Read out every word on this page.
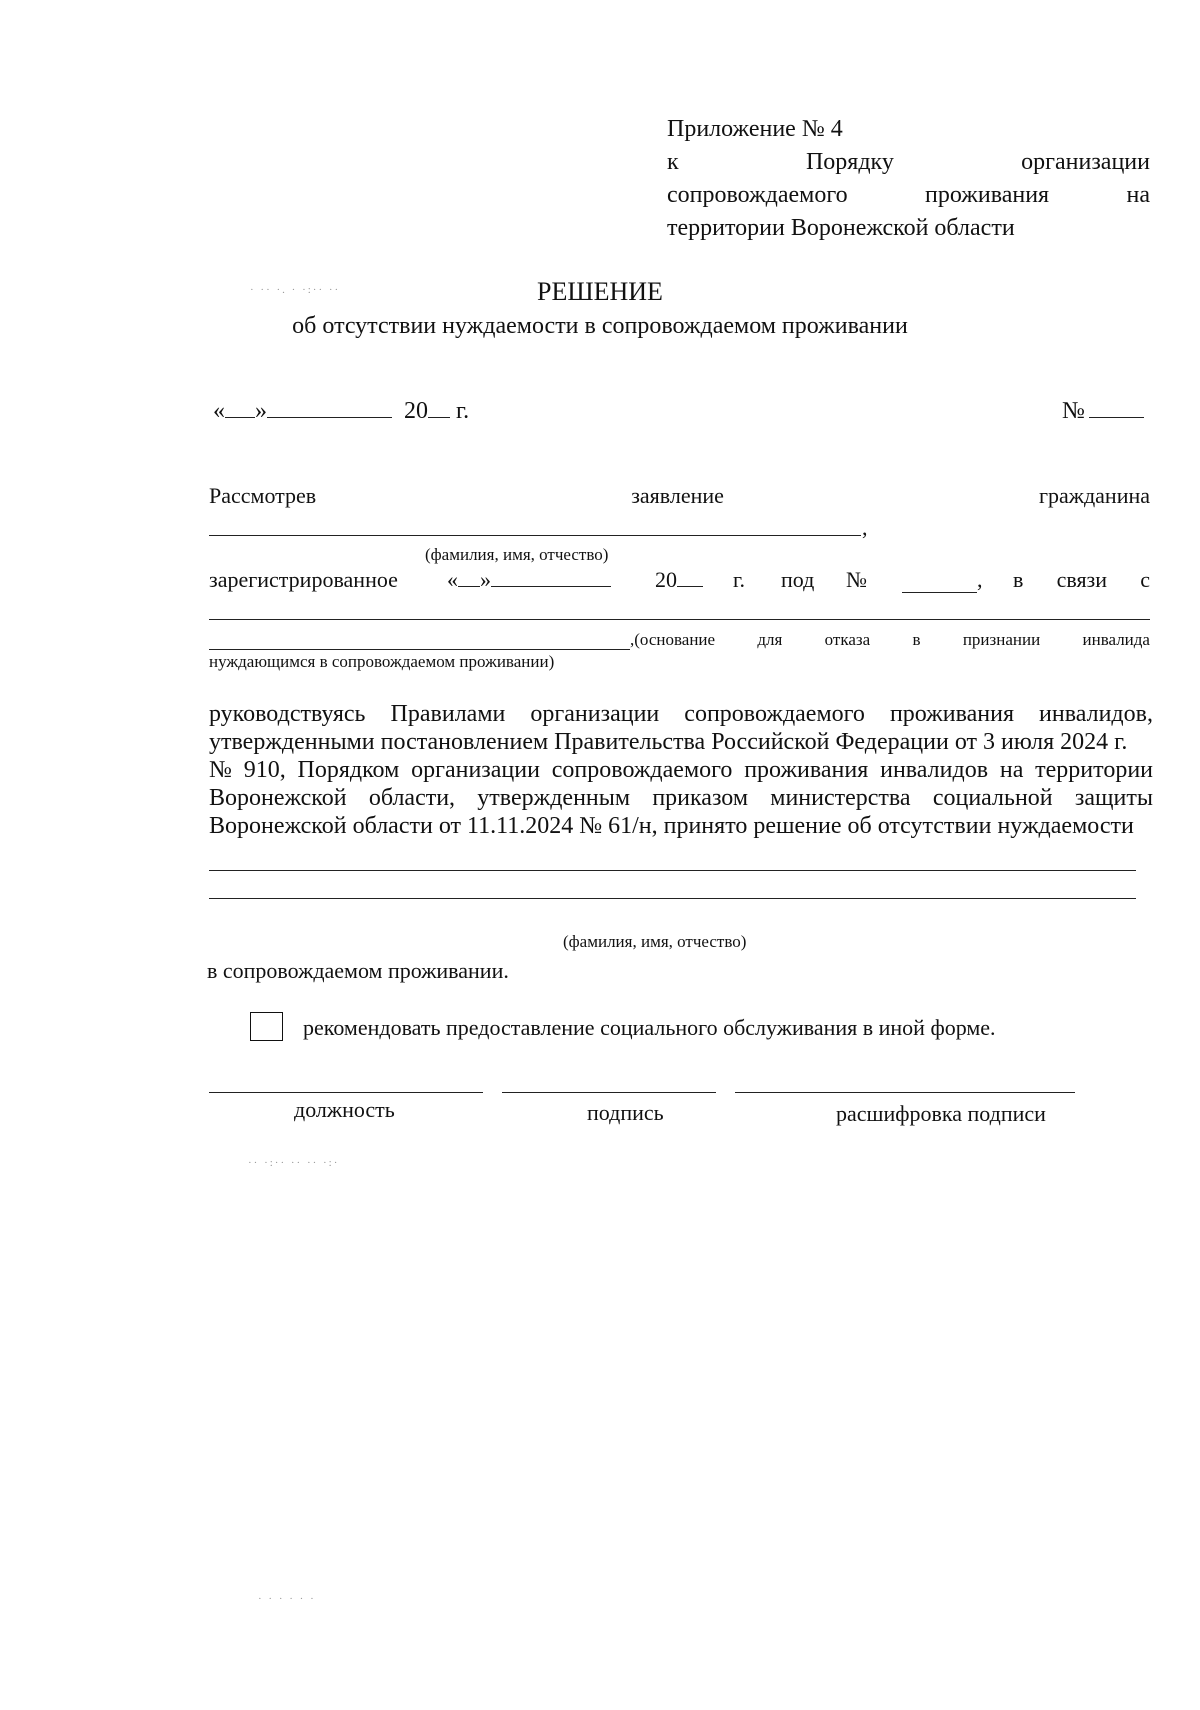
Приложение № 4
к	Порядку	организации
сопровождаемого	проживания	на
территории Воронежской области
· ·· ·. · ·:·· ··	РЕШЕНИЕ
об отсутствии нуждаемости в сопровождаемом проживании
« »	20 г.	№
Рассмотрев	заявление	гражданина
,
(фамилия, имя, отчество)
зарегистрированное « »	20	г. под №	, в связи с
,(основание для отказа в признании инвалида
нуждающимся в сопровождаемом проживании)
руководствуясь Правилами организации сопровождаемого проживания инвалидов,
утвержденными постановлением Правительства Российской Федерации от 3 июля 2024 г.
№ 910, Порядком организации сопровождаемого проживания инвалидов на территории
Воронежской области, утвержденным приказом министерства социальной защиты
Воронежской области от 11.11.2024 № 61/н, принято решение об отсутствии нуждаемости
(фамилия, имя, отчество)
в сопровождаемом проживании.
рекомендовать предоставление социального обслуживания в иной форме.
должность	подпись	расшифровка подписи
·· ·:·· ·· ·· ·:·
· · · · · ·
